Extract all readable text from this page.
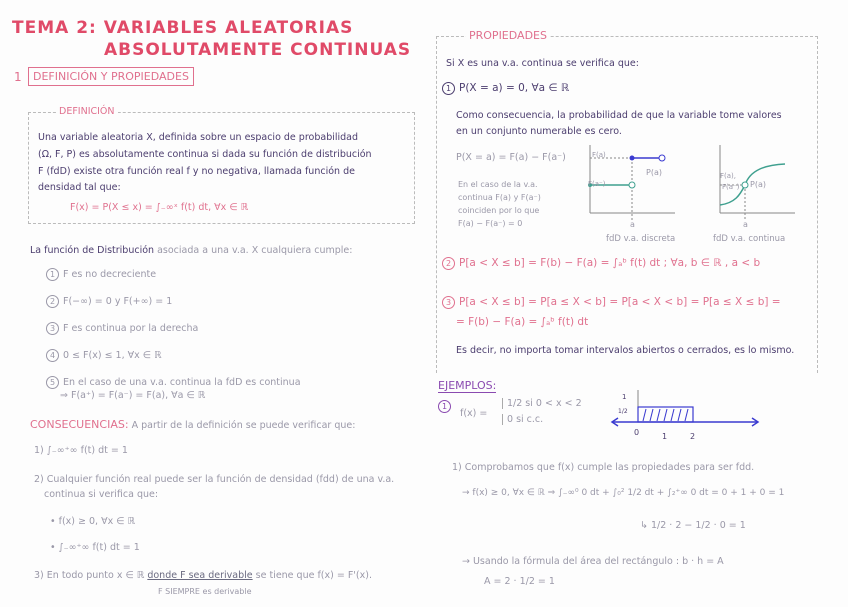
TEMA 2: VARIABLES ALEATORIAS
ABSOLUTAMENTE CONTINUAS
1	DEFINICIÓN Y PROPIEDADES
DEFINICIÓN
Una variable aleatoria X, definida sobre un espacio de probabilidad
(Ω, F, P) es absolutamente continua si dada su función de distribución
F (fdD) existe otra función real f y no negativa, llamada función de
densidad tal que:
F(x) = P(X ≤ x) = ∫₋∞ˣ f(t) dt, ∀x ∈ ℝ
La función de Distribución asociada a una v.a. X cualquiera cumple:
1 F es no decreciente
2 F(−∞) = 0 y F(+∞) = 1
3 F es continua por la derecha
4 0 ≤ F(x) ≤ 1, ∀x ∈ ℝ
5 En el caso de una v.a. continua la fdD es continua
⇒ F(a⁺) = F(a⁻) = F(a), ∀a ∈ ℝ
CONSECUENCIAS: A partir de la definición se puede verificar que:
1) ∫₋∞⁺∞ f(t) dt = 1
2) Cualquier función real puede ser la función de densidad (fdd) de una v.a.
continua si verifica que:
• f(x) ≥ 0, ∀x ∈ ℝ
• ∫₋∞⁺∞ f(t) dt = 1
3) En todo punto x ∈ ℝ donde F sea derivable se tiene que f(x) = F'(x).
F SIEMPRE es derivable
PROPIEDADES
Si X es una v.a. continua se verifica que:
1 P(X = a) = 0, ∀a ∈ ℝ
Como consecuencia, la probabilidad de que la variable tome valores
en un conjunto numerable es cero.
P(X = a) = F(a) − F(a⁻)
En el caso de la v.a.
continua F(a) y F(a⁻)
coinciden por lo que
F(a) − F(a⁻) = 0
F(a)
F(a⁻)
P(a)
a
fdD v.a. discreta
F(a),
F(a⁻) P(a)
a
fdD v.a. continua
2 P[a < X ≤ b] = F(b) − F(a) = ∫ₐᵇ f(t) dt ; ∀a, b ∈ ℝ , a < b
3 P[a < X ≤ b] = P[a ≤ X < b] = P[a < X < b] = P[a ≤ X ≤ b] =
= F(b) − F(a) = ∫ₐᵇ f(t) dt
Es decir, no importa tomar intervalos abiertos o cerrados, es lo mismo.
EJEMPLOS:
1
f(x) =
1/2 si 0 < x < 2
0 si c.c.
1
1/2
0	1	2
1) Comprobamos que f(x) cumple las propiedades para ser fdd.
→ f(x) ≥ 0, ∀x ∈ ℝ ⇒ ∫₋∞⁰ 0 dt + ∫₀² 1/2 dt + ∫₂⁺∞ 0 dt = 0 + 1 + 0 = 1
↳ 1/2 · 2 − 1/2 · 0 = 1
→ Usando la fórmula del área del rectángulo : b · h = A
A = 2 · 1/2 = 1
